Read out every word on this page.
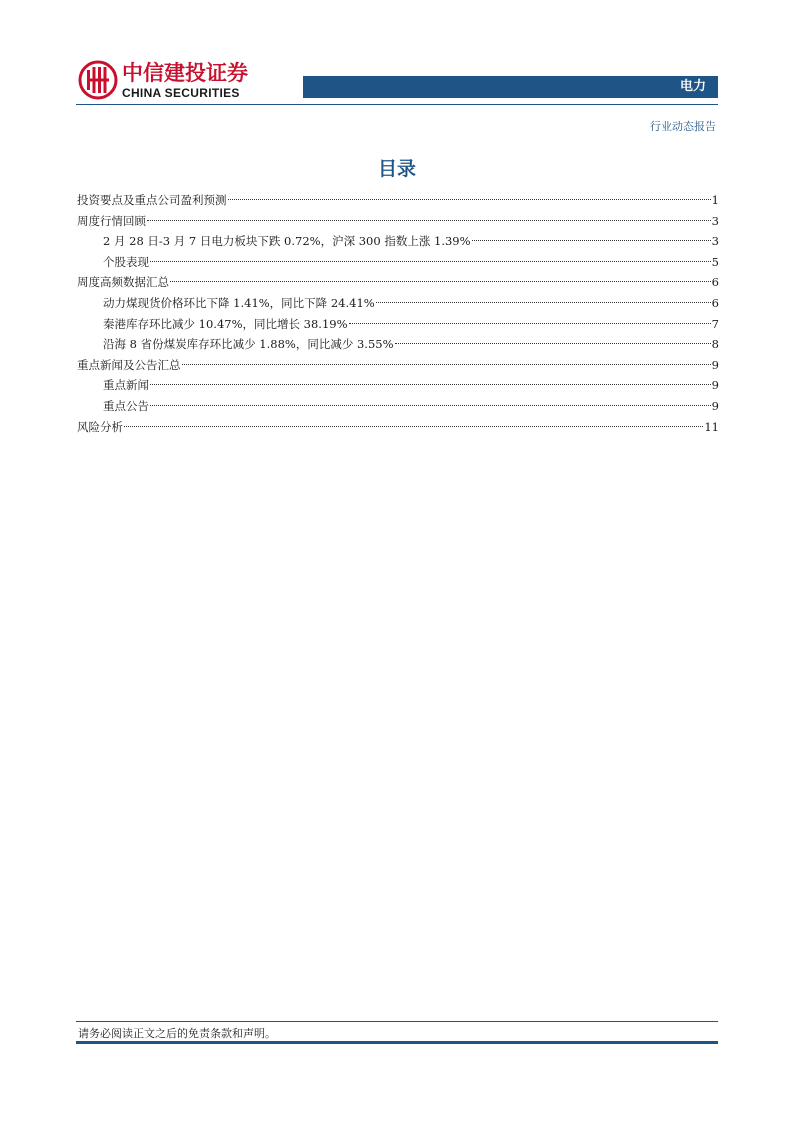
中信建投证券
CHINA SECURITIES	电力
行业动态报告
目录
投资要点及重点公司盈利预测	1
周度行情回顾	3
2 月 28 日-3 月 7 日电力板块下跌 0.72%，沪深 300 指数上涨 1.39%	3
个股表现	5
周度高频数据汇总	6
动力煤现货价格环比下降 1.41%，同比下降 24.41%	6
秦港库存环比减少 10.47%，同比增长 38.19%	7
沿海 8 省份煤炭库存环比减少 1.88%，同比减少 3.55%	8
重点新闻及公告汇总	9
重点新闻	9
重点公告	9
风险分析	11
请务必阅读正文之后的免责条款和声明。
